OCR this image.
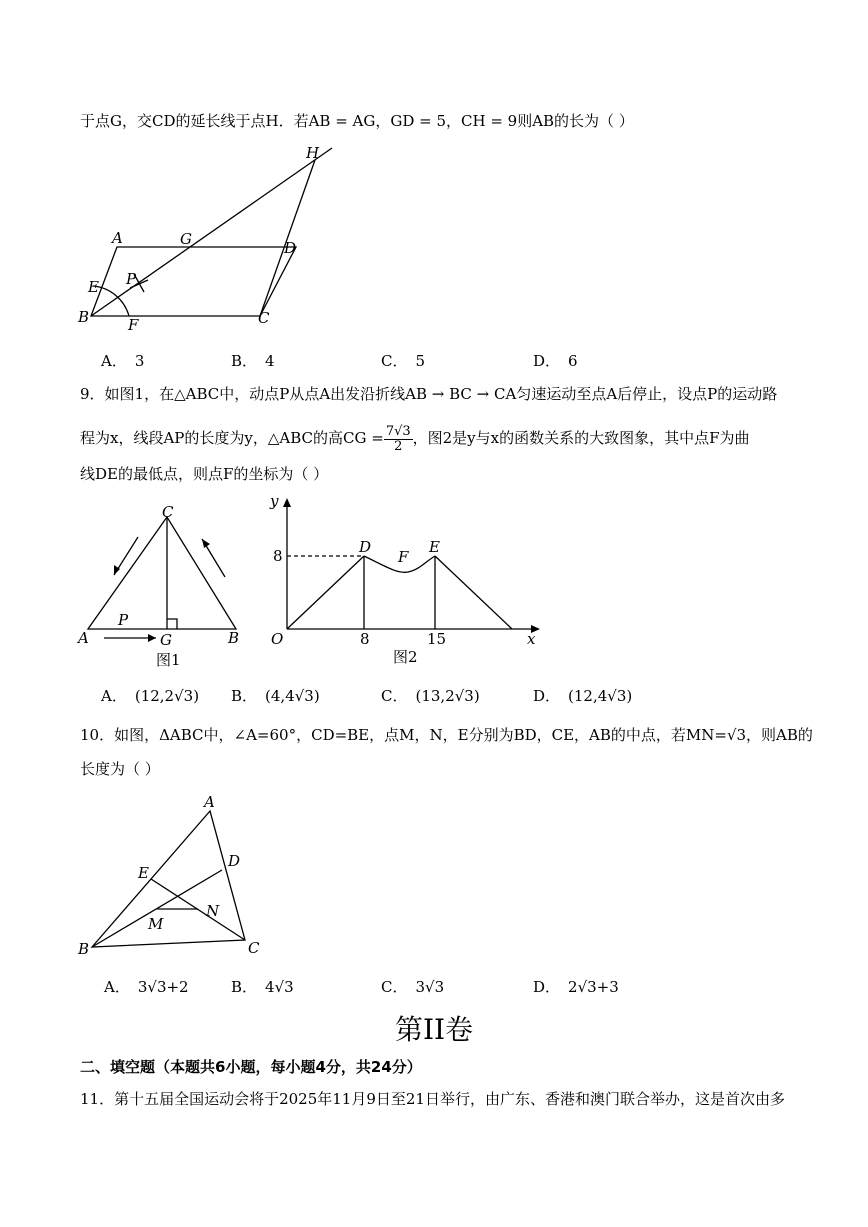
于点G，交CD的延长线于点H．若AB = AG，GD = 5，CH = 9则AB的长为（ ）
H
A	G	D
E P
B	F	C
A． 3	B． 4	C． 5	D． 6
9．如图1，在△ABC中，动点P从点A出发沿折线AB → BC → CA匀速运动至点A后停止，设点P的运动路
程为x，线段AP的长度为y，△ABC的高CG = $\frac{7√3}{2}$ ，图2是y与x的函数关系的大致图象，其中点F为曲
线DE的最低点，则点F的坐标为（ ）
C
A
P
G	B
图1
y
x
O
8	D
F
E
8	15
图2
A． (12,2√3) B． (4,4√3)	C． (13,2√3)	D． (12,4√3)
10．如图，ΔABC中，∠A=60°，CD=BE，点M，N，E分别为BD，CE，AB的中点，若MN=√3，则AB的
长度为（ ）
A
D
E
N
M
B	C
A． 3√3+2	B． 4√3	C． 3√3	D． 2√3+3
第II卷
二、填空题（本题共6小题，每小题4分，共24分）
11．第十五届全国运动会将于2025年11月9日至21日举行，由广东、香港和澳门联合举办，这是首次由多
